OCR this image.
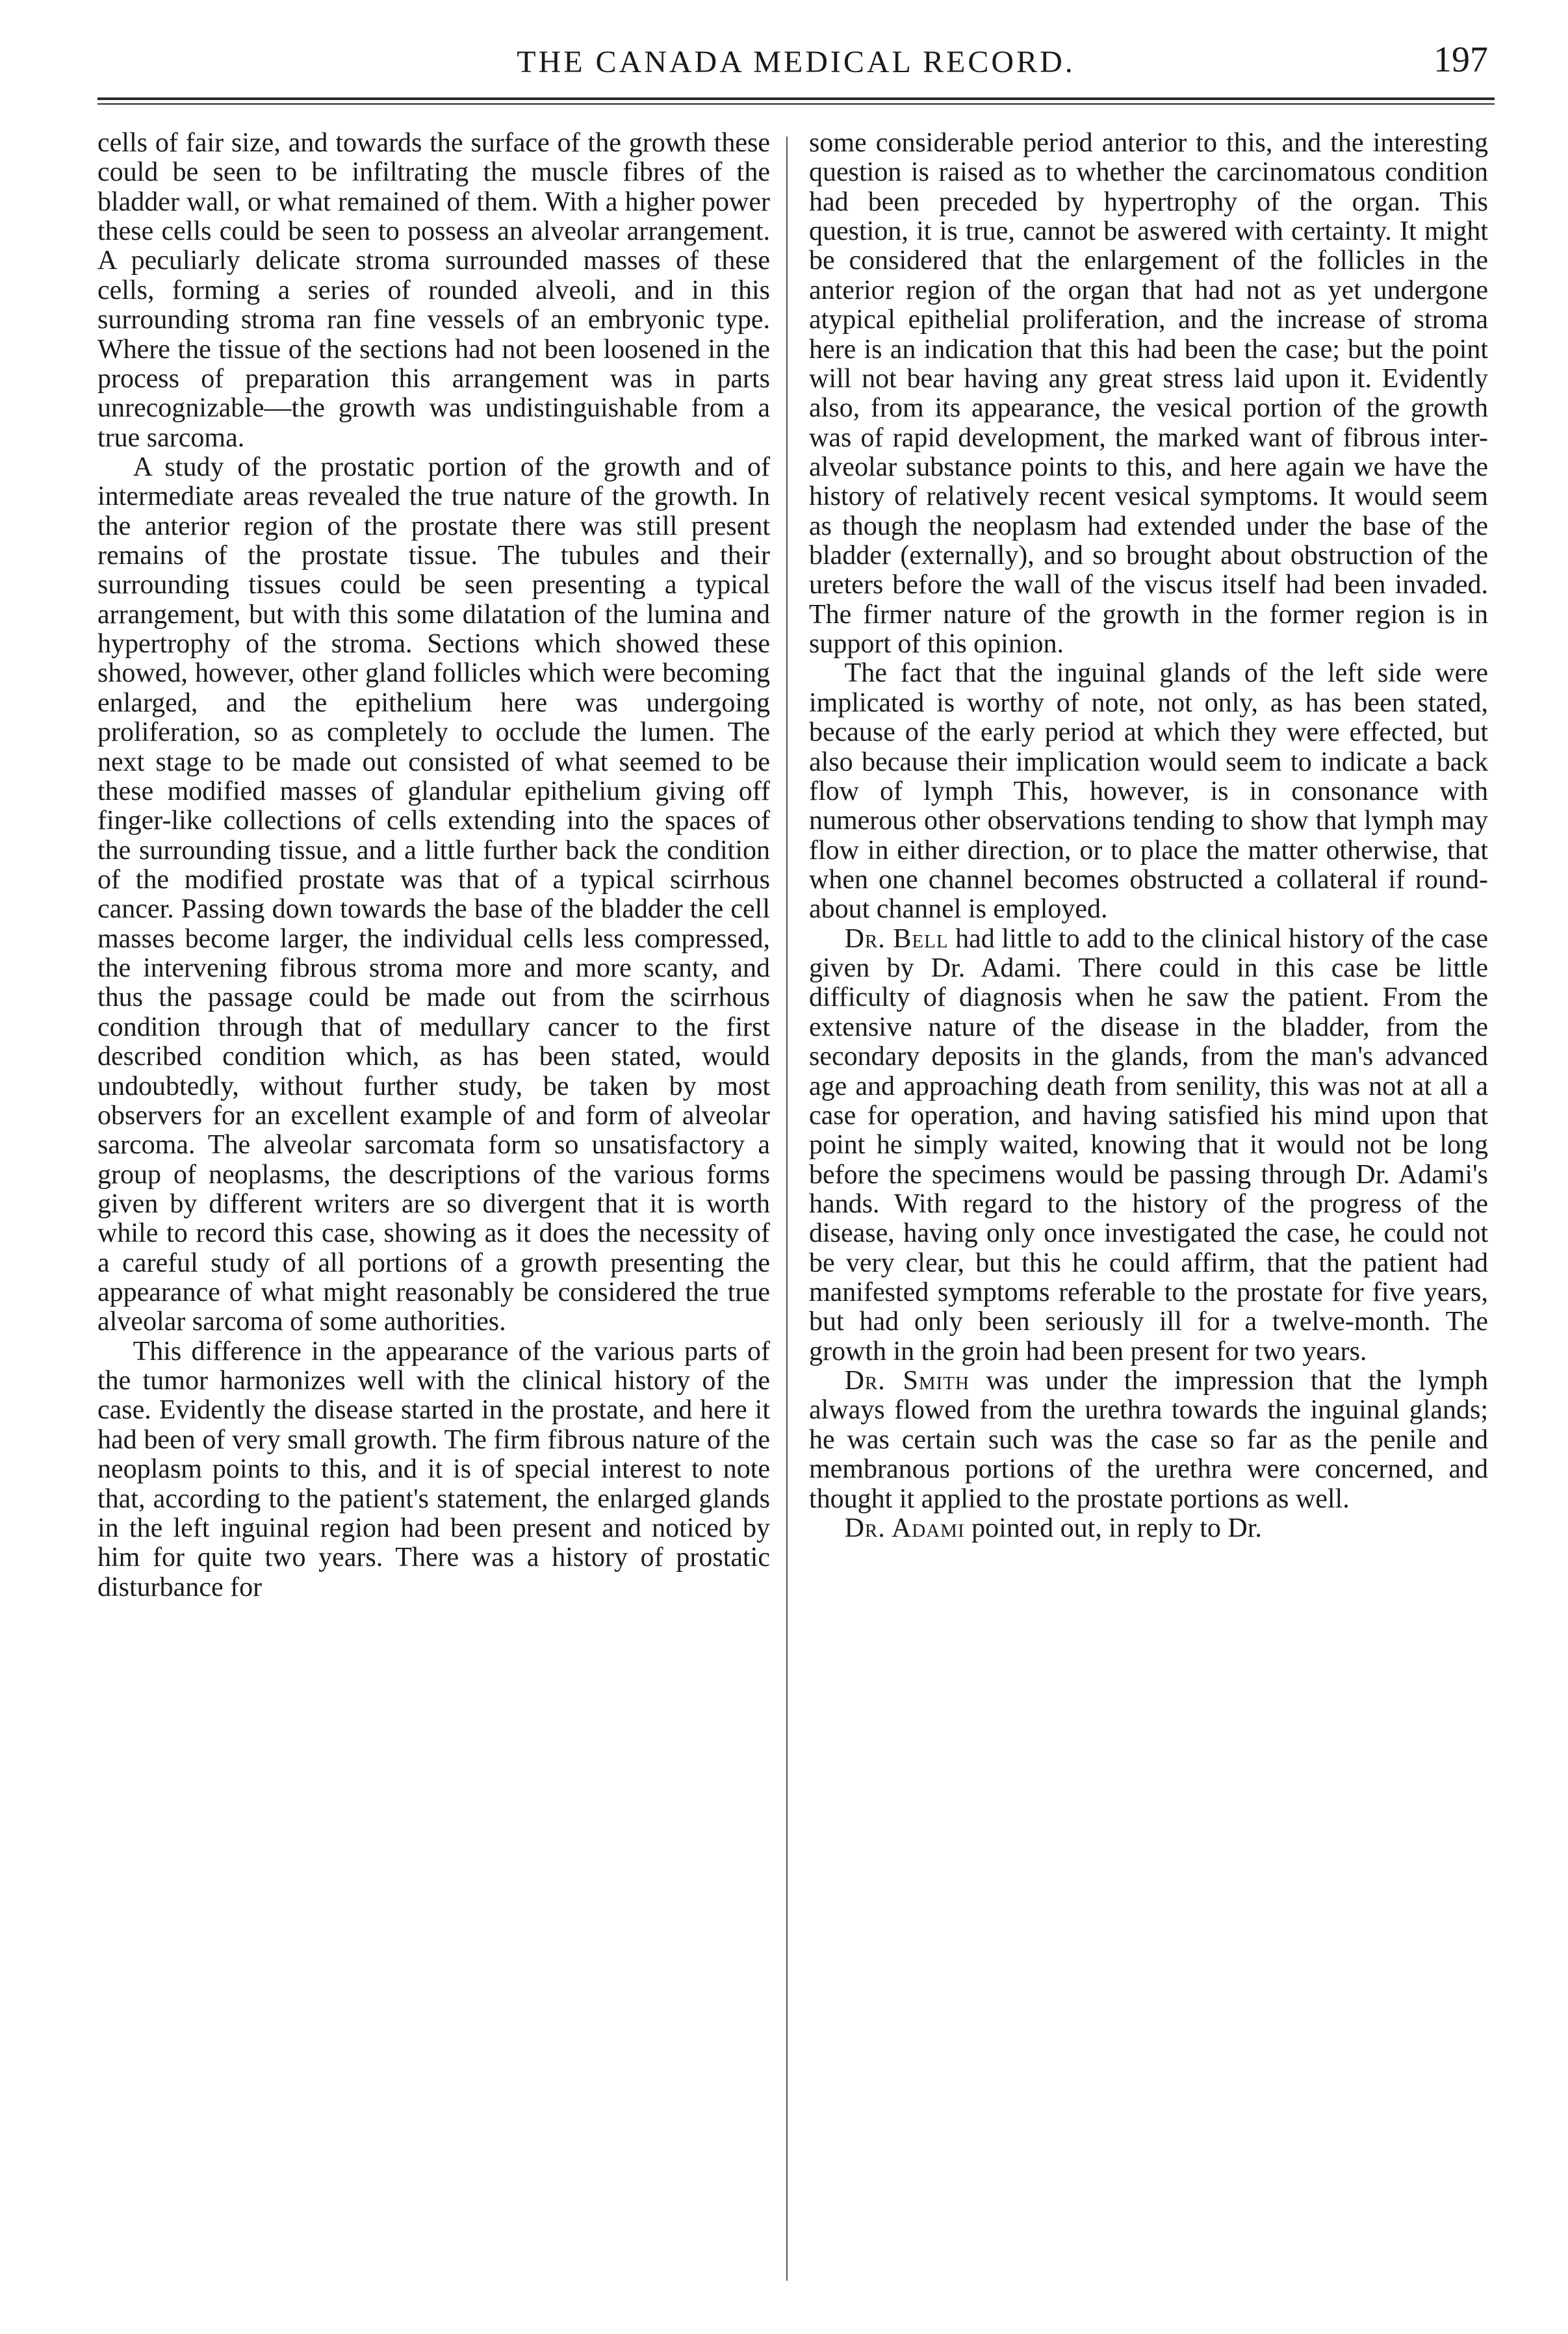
THE CANADA MEDICAL RECORD.	197

cells of fair size, and towards the surface of the growth these could be seen to be infiltrating the muscle fibres of the bladder wall, or what remained of them. With a higher power these cells could be seen to possess an alveolar arrangement. A peculiarly delicate stroma surrounded masses of these cells, forming a series of rounded alveoli, and in this surrounding stroma ran fine vessels of an embryonic type. Where the tissue of the sections had not been loosened in the process of preparation this arrangement was in parts unrecognizable—the growth was undistinguishable from a true sarcoma.

A study of the prostatic portion of the growth and of intermediate areas revealed the true nature of the growth. In the anterior region of the prostate there was still present remains of the prostate tissue. The tubules and their surrounding tissues could be seen presenting a typical arrangement, but with this some dilatation of the lumina and hypertrophy of the stroma. Sections which showed these showed, however, other gland follicles which were becoming enlarged, and the epithelium here was undergoing proliferation, so as completely to occlude the lumen. The next stage to be made out consisted of what seemed to be these modified masses of glandular epithelium giving off finger-like collections of cells extending into the spaces of the surrounding tissue, and a little further back the condition of the modified prostate was that of a typical scirrhous cancer. Passing down towards the base of the bladder the cell masses become larger, the individual cells less compressed, the intervening fibrous stroma more and more scanty, and thus the passage could be made out from the scirrhous condition through that of medullary cancer to the first described condition which, as has been stated, would undoubtedly, without further study, be taken by most observers for an excellent example of and form of alveolar sarcoma. The alveolar sarcomata form so unsatisfactory a group of neoplasms, the descriptions of the various forms given by different writers are so divergent that it is worth while to record this case, showing as it does the necessity of a careful study of all portions of a growth presenting the appearance of what might reasonably be considered the true alveolar sarcoma of some authorities.

This difference in the appearance of the various parts of the tumor harmonizes well with the clinical history of the case. Evidently the disease started in the prostate, and here it had been of very small growth. The firm fibrous nature of the neoplasm points to this, and it is of special interest to note that, according to the patient's statement, the enlarged glands in the left inguinal region had been present and noticed by him for quite two years. There was a history of prostatic disturbance for

some considerable period anterior to this, and the interesting question is raised as to whether the carcinomatous condition had been preceded by hypertrophy of the organ. This question, it is true, cannot be aswered with certainty. It might be considered that the enlargement of the follicles in the anterior region of the organ that had not as yet undergone atypical epithelial proliferation, and the increase of stroma here is an indication that this had been the case; but the point will not bear having any great stress laid upon it. Evidently also, from its appearance, the vesical portion of the growth was of rapid development, the marked want of fibrous inter-alveolar substance points to this, and here again we have the history of relatively recent vesical symptoms. It would seem as though the neoplasm had extended under the base of the bladder (externally), and so brought about obstruction of the ureters before the wall of the viscus itself had been invaded. The firmer nature of the growth in the former region is in support of this opinion.

The fact that the inguinal glands of the left side were implicated is worthy of note, not only, as has been stated, because of the early period at which they were effected, but also because their implication would seem to indicate a back flow of lymph This, however, is in consonance with numerous other observations tending to show that lymph may flow in either direction, or to place the matter otherwise, that when one channel becomes obstructed a collateral if round-about channel is employed.

Dr. Bell had little to add to the clinical history of the case given by Dr. Adami. There could in this case be little difficulty of diagnosis when he saw the patient. From the extensive nature of the disease in the bladder, from the secondary deposits in the glands, from the man's advanced age and approaching death from senility, this was not at all a case for operation, and having satisfied his mind upon that point he simply waited, knowing that it would not be long before the specimens would be passing through Dr. Adami's hands. With regard to the history of the progress of the disease, having only once investigated the case, he could not be very clear, but this he could affirm, that the patient had manifested symptoms referable to the prostate for five years, but had only been seriously ill for a twelve-month. The growth in the groin had been present for two years.

Dr. Smith was under the impression that the lymph always flowed from the urethra towards the inguinal glands; he was certain such was the case so far as the penile and membranous portions of the urethra were concerned, and thought it applied to the prostate portions as well.

Dr. Adami pointed out, in reply to Dr.
